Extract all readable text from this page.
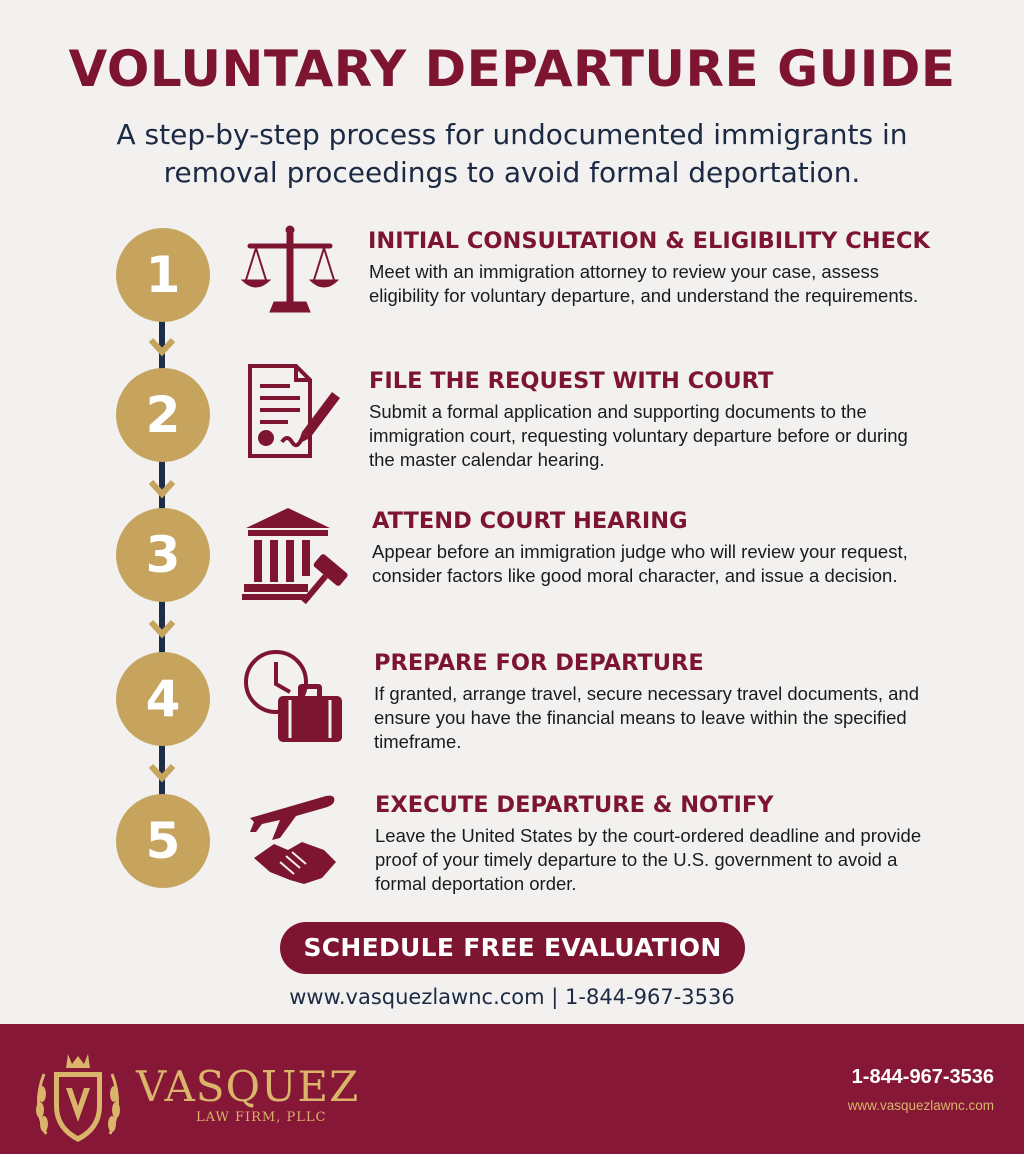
VOLUNTARY DEPARTURE GUIDE
A step-by-step process for undocumented immigrants in removal proceedings to avoid formal deportation.
1
INITIAL CONSULTATION & ELIGIBILITY CHECK
Meet with an immigration attorney to review your case, assess eligibility for voluntary departure, and understand the requirements.
2
FILE THE REQUEST WITH COURT
Submit a formal application and supporting documents to the immigration court, requesting voluntary departure before or during the master calendar hearing.
3
ATTEND COURT HEARING
Appear before an immigration judge who will review your request, consider factors like good moral character, and issue a decision.
4
PREPARE FOR DEPARTURE
If granted, arrange travel, secure necessary travel documents, and ensure you have the financial means to leave within the specified timeframe.
5
EXECUTE DEPARTURE & NOTIFY
Leave the United States by the court-ordered deadline and provide proof of your timely departure to the U.S. government to avoid a formal deportation order.
SCHEDULE FREE EVALUATION
www.vasquezlawnc.com | 1-844-967-3536
VASQUEZ
LAW FIRM, PLLC
1-844-967-3536
www.vasquezlawnc.com
